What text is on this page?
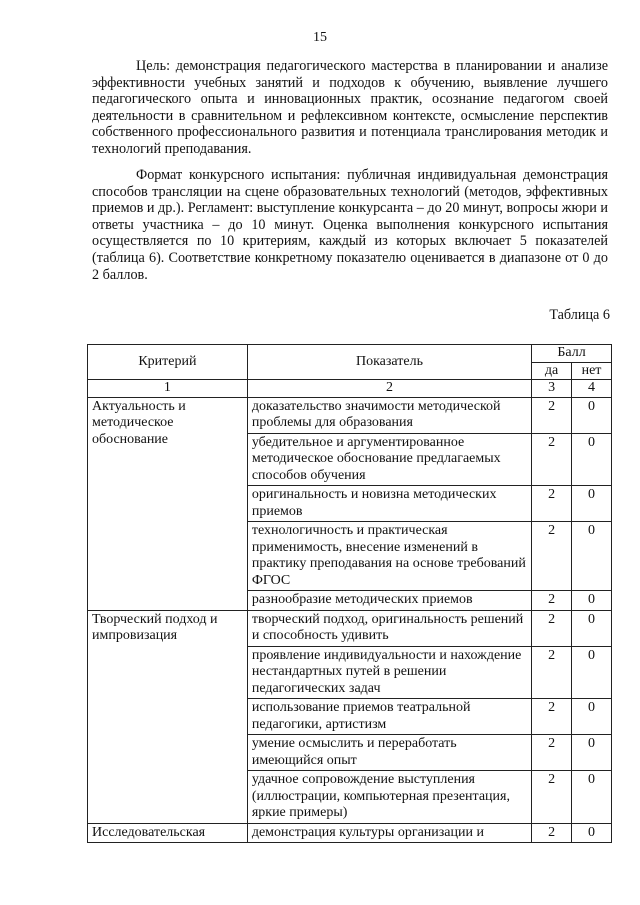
15

Цель: демонстрация педагогического мастерства в планировании и анализе эффективности учебных занятий и подходов к обучению, выявление лучшего педагогического опыта и инновационных практик, осознание педагогом своей деятельности в сравнительном и рефлексивном контексте, осмысление перспектив собственного профессионального развития и потенциала транслирования методик и технологий преподавания.

Формат конкурсного испытания: публичная индивидуальная демонстрация способов трансляции на сцене образовательных технологий (методов, эффективных приемов и др.). Регламент: выступление конкурсанта – до 20 минут, вопросы жюри и ответы участника – до 10 минут. Оценка выполнения конкурсного испытания осуществляется по 10 критериям, каждый из которых включает 5 показателей (таблица 6). Соответствие конкретному показателю оценивается в диапазоне от 0 до 2 баллов.

Таблица 6
Критерий	Показатель	Балл	
		да	нет
1	2	3	4
Актуальность и методическое обоснование	доказательство значимости методической проблемы для образования	2	0
	убедительное и аргументированное методическое обоснование предлагаемых способов обучения	2	0
	оригинальность и новизна методических приемов	2	0
	технологичность и практическая применимость, внесение изменений в практику преподавания на основе требований ФГОС	2	0
	разнообразие методических приемов	2	0
Творческий подход и импровизация	творческий подход, оригинальность решений и способность удивить	2	0
	проявление индивидуальности и нахождение нестандартных путей в решении педагогических задач	2	0
	использование приемов театральной педагогики, артистизм	2	0
	умение осмыслить и переработать имеющийся опыт	2	0
	удачное сопровождение выступления (иллюстрации, компьютерная презентация, яркие примеры)	2	0
Исследовательская	демонстрация культуры организации и	2	0
